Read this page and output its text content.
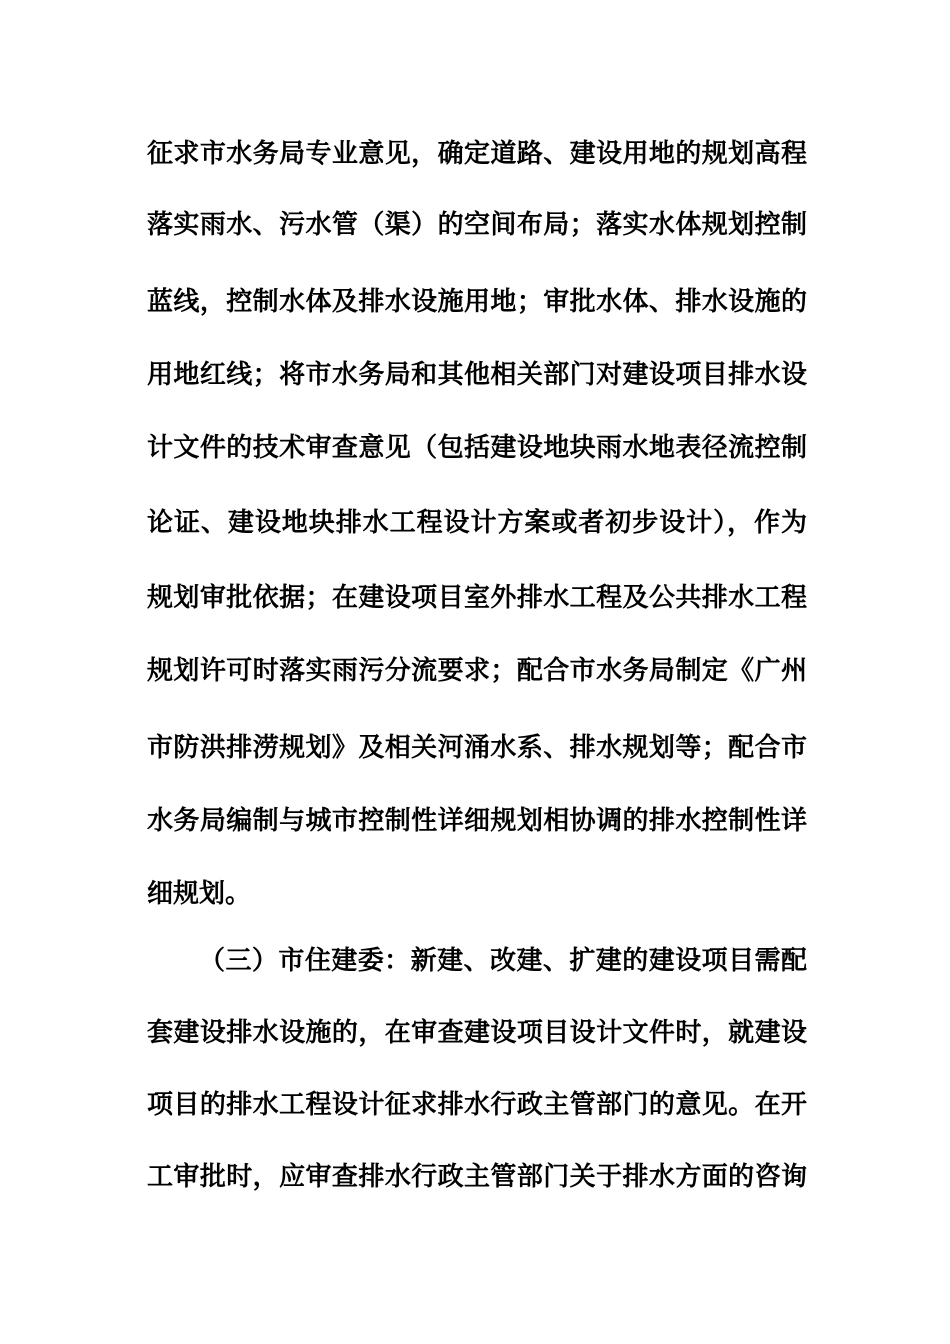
征求市水务局专业意见，确定道路、建设用地的规划高程
落实雨水、污水管（渠）的空间布局；落实水体规划控制
蓝线，控制水体及排水设施用地；审批水体、排水设施的
用地红线；将市水务局和其他相关部门对建设项目排水设
计文件的技术审查意见（包括建设地块雨水地表径流控制
论证、建设地块排水工程设计方案或者初步设计），作为
规划审批依据；在建设项目室外排水工程及公共排水工程
规划许可时落实雨污分流要求；配合市水务局制定《广州
市防洪排涝规划》及相关河涌水系、排水规划等；配合市
水务局编制与城市控制性详细规划相协调的排水控制性详
细规划。
（三）市住建委：新建、改建、扩建的建设项目需配
套建设排水设施的，在审查建设项目设计文件时，就建设
项目的排水工程设计征求排水行政主管部门的意见。在开
工审批时，应审查排水行政主管部门关于排水方面的咨询
